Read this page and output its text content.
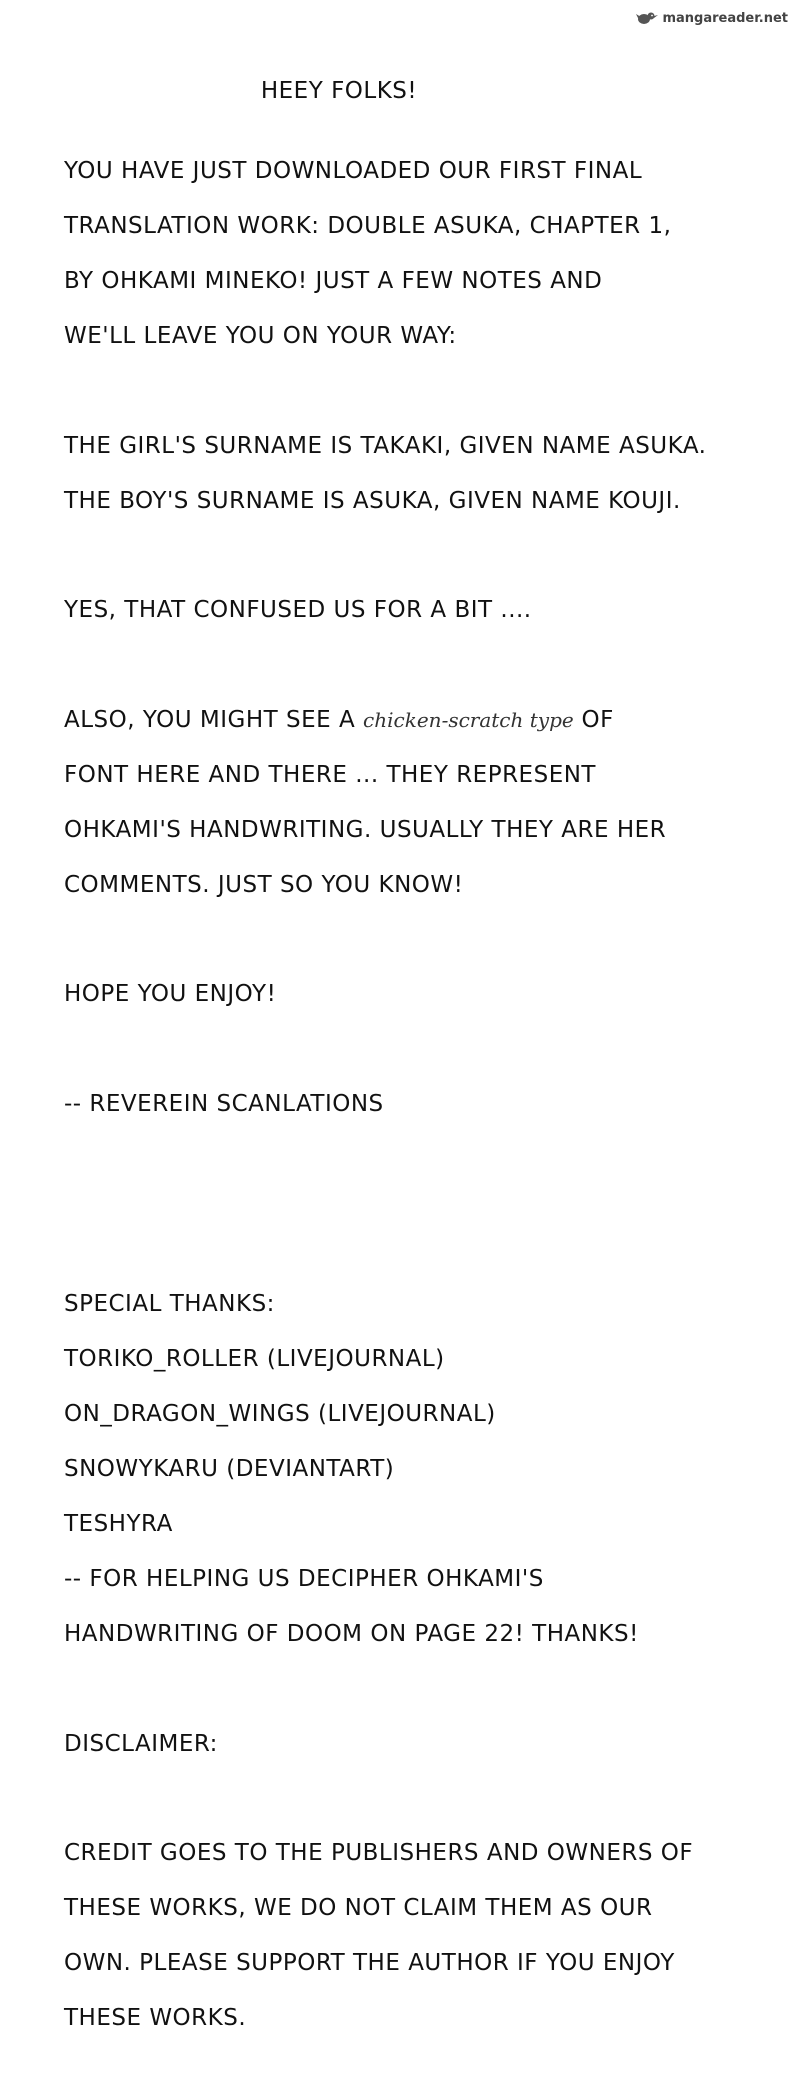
mangareader.net
HEEY FOLKS!

YOU HAVE JUST DOWNLOADED OUR FIRST FINAL

TRANSLATION WORK: DOUBLE ASUKA, CHAPTER 1,

BY OHKAMI MINEKO! JUST A FEW NOTES AND

WE'LL LEAVE YOU ON YOUR WAY:

THE GIRL'S SURNAME IS TAKAKI, GIVEN NAME ASUKA.

THE BOY'S SURNAME IS ASUKA, GIVEN NAME KOUJI.

YES, THAT CONFUSED US FOR A BIT ....

ALSO, YOU MIGHT SEE A chicken-scratch type OF

FONT HERE AND THERE ... THEY REPRESENT

OHKAMI'S HANDWRITING. USUALLY THEY ARE HER

COMMENTS. JUST SO YOU KNOW!

HOPE YOU ENJOY!

-- REVEREIN SCANLATIONS

SPECIAL THANKS:

TORIKO_ROLLER (LIVEJOURNAL)

ON_DRAGON_WINGS (LIVEJOURNAL)

SNOWYKARU (DEVIANTART)

TESHYRA

-- FOR HELPING US DECIPHER OHKAMI'S

HANDWRITING OF DOOM ON PAGE 22! THANKS!

DISCLAIMER:

CREDIT GOES TO THE PUBLISHERS AND OWNERS OF

THESE WORKS, WE DO NOT CLAIM THEM AS OUR

OWN. PLEASE SUPPORT THE AUTHOR IF YOU ENJOY

THESE WORKS.
